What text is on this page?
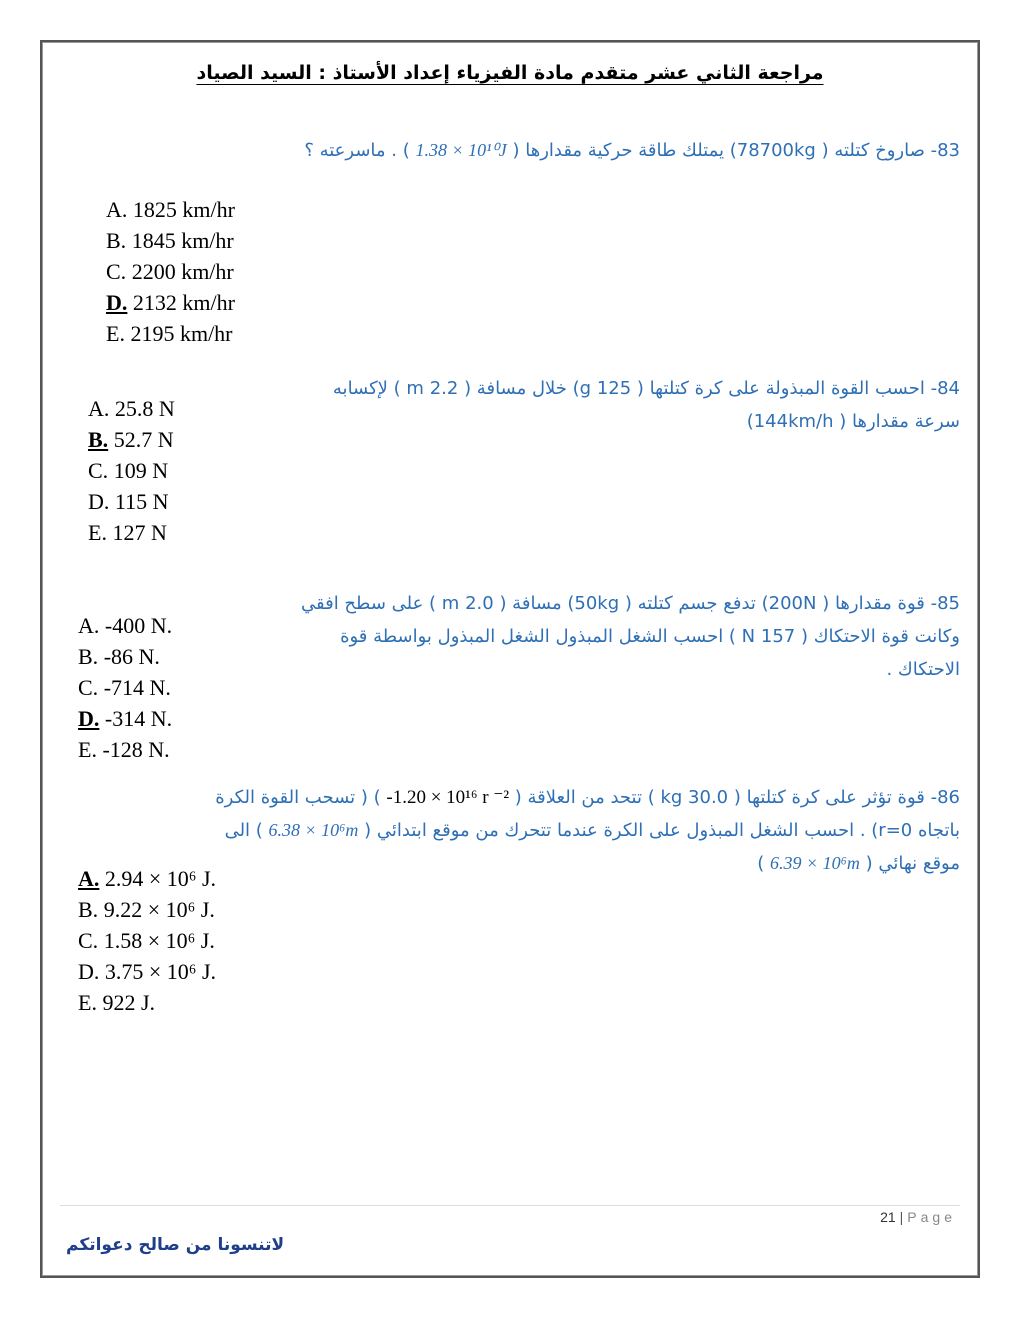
مراجعة الثاني عشر متقدم مادة الفيزياء إعداد الأستاذ : السيد الصياد
83- صاروخ كتلته ( 78700kg) يمتلك طاقة حركية مقدارها ( 1.38 × 10¹⁰J ) . ماسرعته ؟
A. 1825 km/hr
B. 1845 km/hr
C. 2200 km/hr
D. 2132 km/hr
E. 2195 km/hr
84- احسب القوة المبذولة على كرة كتلتها ( 125 g) خلال مسافة ( 2.2 m ) لإكسابه
سرعة مقدارها ( 144km/h)
A. 25.8 N
B. 52.7 N
C. 109 N
D. 115 N
E. 127 N
85- قوة مقدارها ( 200N) تدفع جسم كتلته ( 50kg) مسافة ( 2.0 m ) على سطح افقي
وكانت قوة الاحتكاك ( 157 N ) احسب الشغل المبذول الشغل المبذول بواسطة قوة
الاحتكاك .
A. -400 N.
B. -86 N.
C. -714 N.
D. -314 N.
E. -128 N.
86- قوة تؤثر على كرة كتلتها ( 30.0 kg ) تتحد من العلاقة ( -1.20 × 10¹⁶ r ⁻² ) ( تسحب القوة الكرة
باتجاه r=0) . احسب الشغل المبذول على الكرة عندما تتحرك من موقع ابتدائي ( 6.38 × 10⁶m ) الى
موقع نهائي ( 6.39 × 10⁶m )
A. 2.94 × 10⁶ J.
B. 9.22 × 10⁶ J.
C. 1.58 × 10⁶ J.
D. 3.75 × 10⁶ J.
E. 922 J.
21 | Page
لاتنسونا من صالح دعواتكم
